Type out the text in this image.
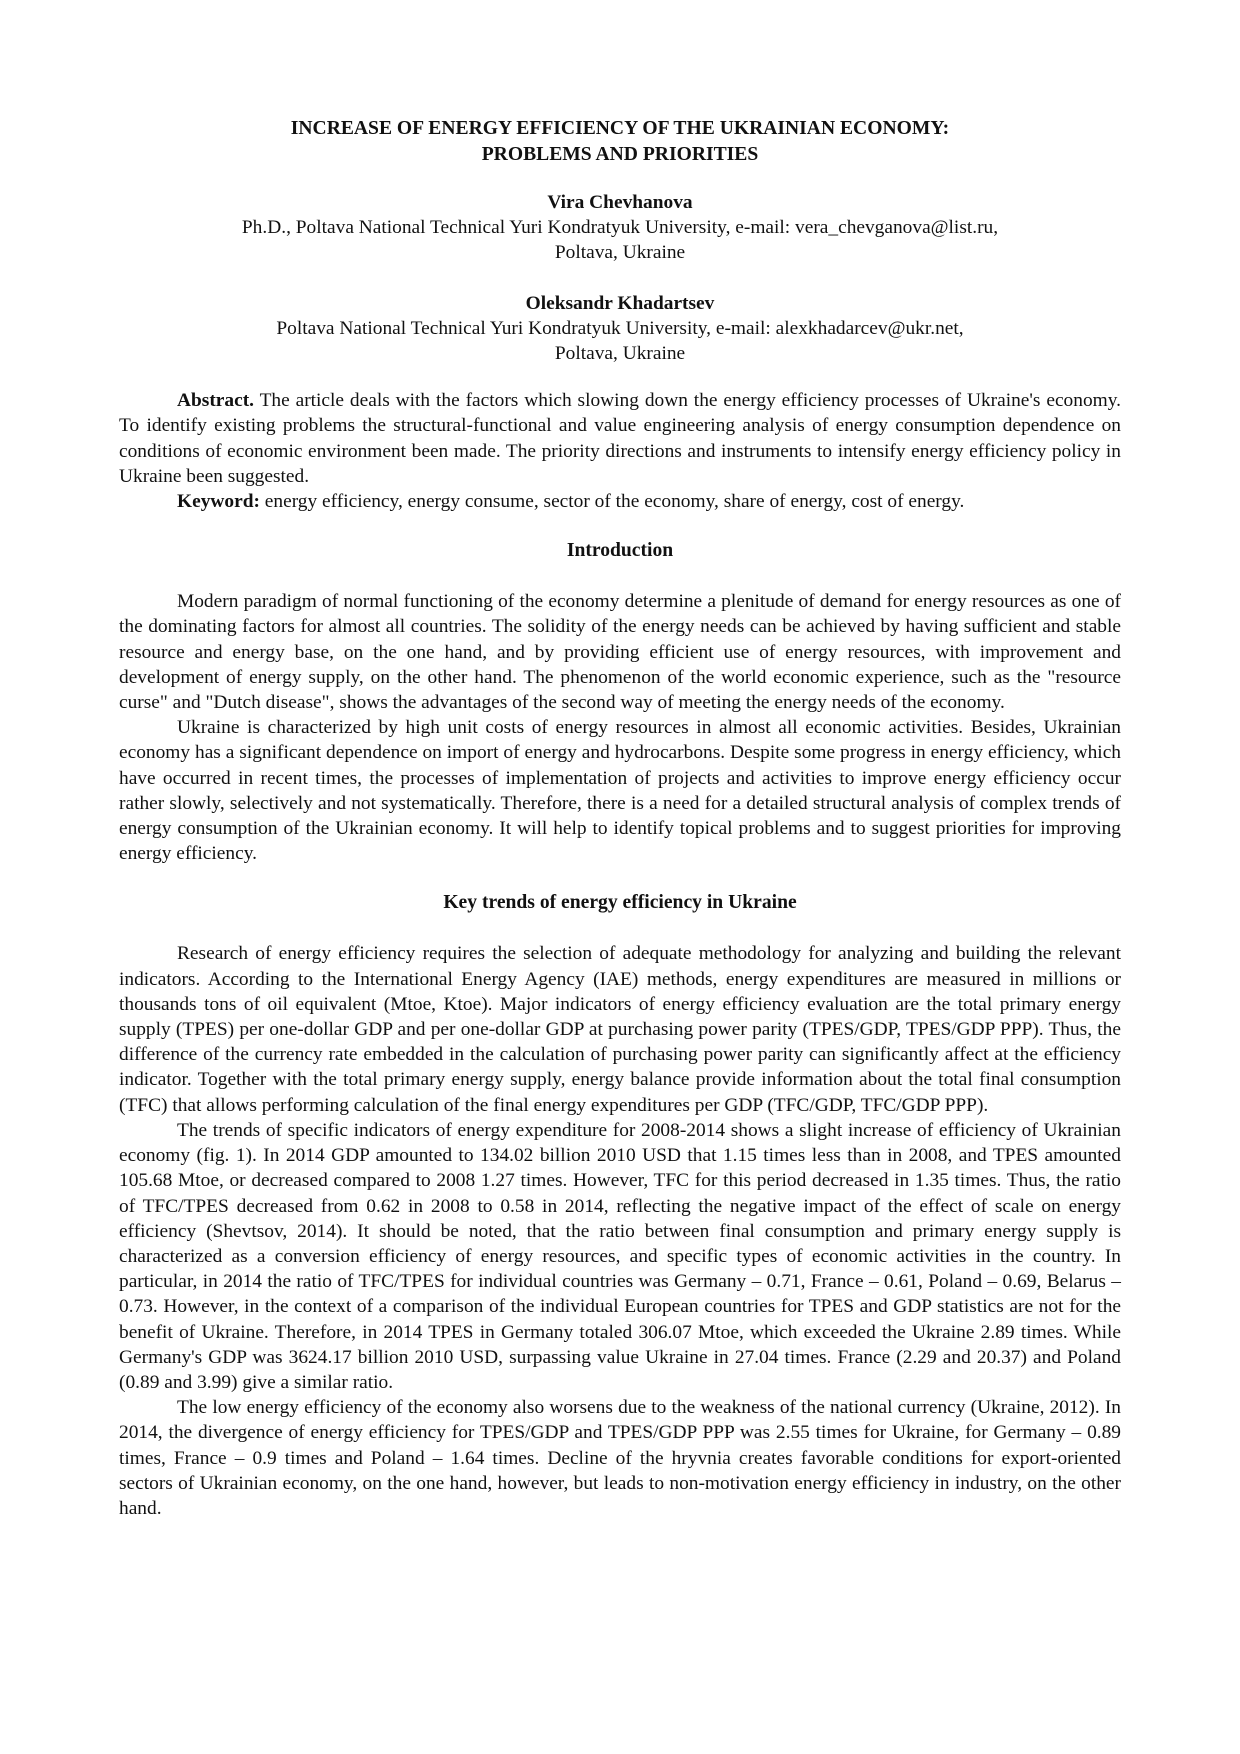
INCREASE OF ENERGY EFFICIENCY OF THE UKRAINIAN ECONOMY:

PROBLEMS AND PRIORITIES

Vira Chevhanova
Ph.D., Poltava National Technical Yuri Kondratyuk University, e-mail: vera_chevganova@list.ru,
Poltava, Ukraine
Oleksandr Khadartsev
Poltava National Technical Yuri Kondratyuk University, e-mail: alexkhadarcev@ukr.net,
Poltava, Ukraine

Abstract. The article deals with the factors which slowing down the energy efficiency processes of Ukraine's economy. To identify existing problems the structural-functional and value engineering analysis of energy consumption dependence on conditions of economic environment been made. The priority directions and instruments to intensify energy efficiency policy in Ukraine been suggested.

Keyword: energy efficiency, energy consume, sector of the economy, share of energy, cost of energy.

Introduction

Modern paradigm of normal functioning of the economy determine a plenitude of demand for energy resources as one of the dominating factors for almost all countries. The solidity of the energy needs can be achieved by having sufficient and stable resource and energy base, on the one hand, and by providing efficient use of energy resources, with improvement and development of energy supply, on the other hand. The phenomenon of the world economic experience, such as the "resource curse" and "Dutch disease", shows the advantages of the second way of meeting the energy needs of the economy.

Ukraine is characterized by high unit costs of energy resources in almost all economic activities. Besides, Ukrainian economy has a significant dependence on import of energy and hydrocarbons. Despite some progress in energy efficiency, which have occurred in recent times, the processes of implementation of projects and activities to improve energy efficiency occur rather slowly, selectively and not systematically. Therefore, there is a need for a detailed structural analysis of complex trends of energy consumption of the Ukrainian economy. It will help to identify topical problems and to suggest priorities for improving energy efficiency.

Key trends of energy efficiency in Ukraine

Research of energy efficiency requires the selection of adequate methodology for analyzing and building the relevant indicators. According to the International Energy Agency (IAE) methods, energy expenditures are measured in millions or thousands tons of oil equivalent (Mtoe, Ktoe). Major indicators of energy efficiency evaluation are the total primary energy supply (TPES) per one-dollar GDP and per one-dollar GDP at purchasing power parity (TPES/GDP, TPES/GDP PPP). Thus, the difference of the currency rate embedded in the calculation of purchasing power parity can significantly affect at the efficiency indicator. Together with the total primary energy supply, energy balance provide information about the total final consumption (TFC) that allows performing calculation of the final energy expenditures per GDP (TFC/GDP, TFC/GDP PPP).

The trends of specific indicators of energy expenditure for 2008-2014 shows a slight increase of efficiency of Ukrainian economy (fig. 1). In 2014 GDP amounted to 134.02 billion 2010 USD that 1.15 times less than in 2008, and TPES amounted 105.68 Mtoe, or decreased compared to 2008 1.27 times. However, TFC for this period decreased in 1.35 times. Thus, the ratio of TFC/TPES decreased from 0.62 in 2008 to 0.58 in 2014, reflecting the negative impact of the effect of scale on energy efficiency (Shevtsov, 2014). It should be noted, that the ratio between final consumption and primary energy supply is characterized as a conversion efficiency of energy resources, and specific types of economic activities in the country. In particular, in 2014 the ratio of TFC/TPES for individual countries was Germany – 0.71, France – 0.61, Poland – 0.69, Belarus – 0.73. However, in the context of a comparison of the individual European countries for TPES and GDP statistics are not for the benefit of Ukraine. Therefore, in 2014 TPES in Germany totaled 306.07 Mtoe, which exceeded the Ukraine 2.89 times. While Germany's GDP was 3624.17 billion 2010 USD, surpassing value Ukraine in 27.04 times. France (2.29 and 20.37) and Poland (0.89 and 3.99) give a similar ratio.

The low energy efficiency of the economy also worsens due to the weakness of the national currency (Ukraine, 2012). In 2014, the divergence of energy efficiency for TPES/GDP and TPES/GDP PPP was 2.55 times for Ukraine, for Germany – 0.89 times, France – 0.9 times and Poland – 1.64 times. Decline of the hryvnia creates favorable conditions for export-oriented sectors of Ukrainian economy, on the one hand, however, but leads to non-motivation energy efficiency in industry, on the other hand.
